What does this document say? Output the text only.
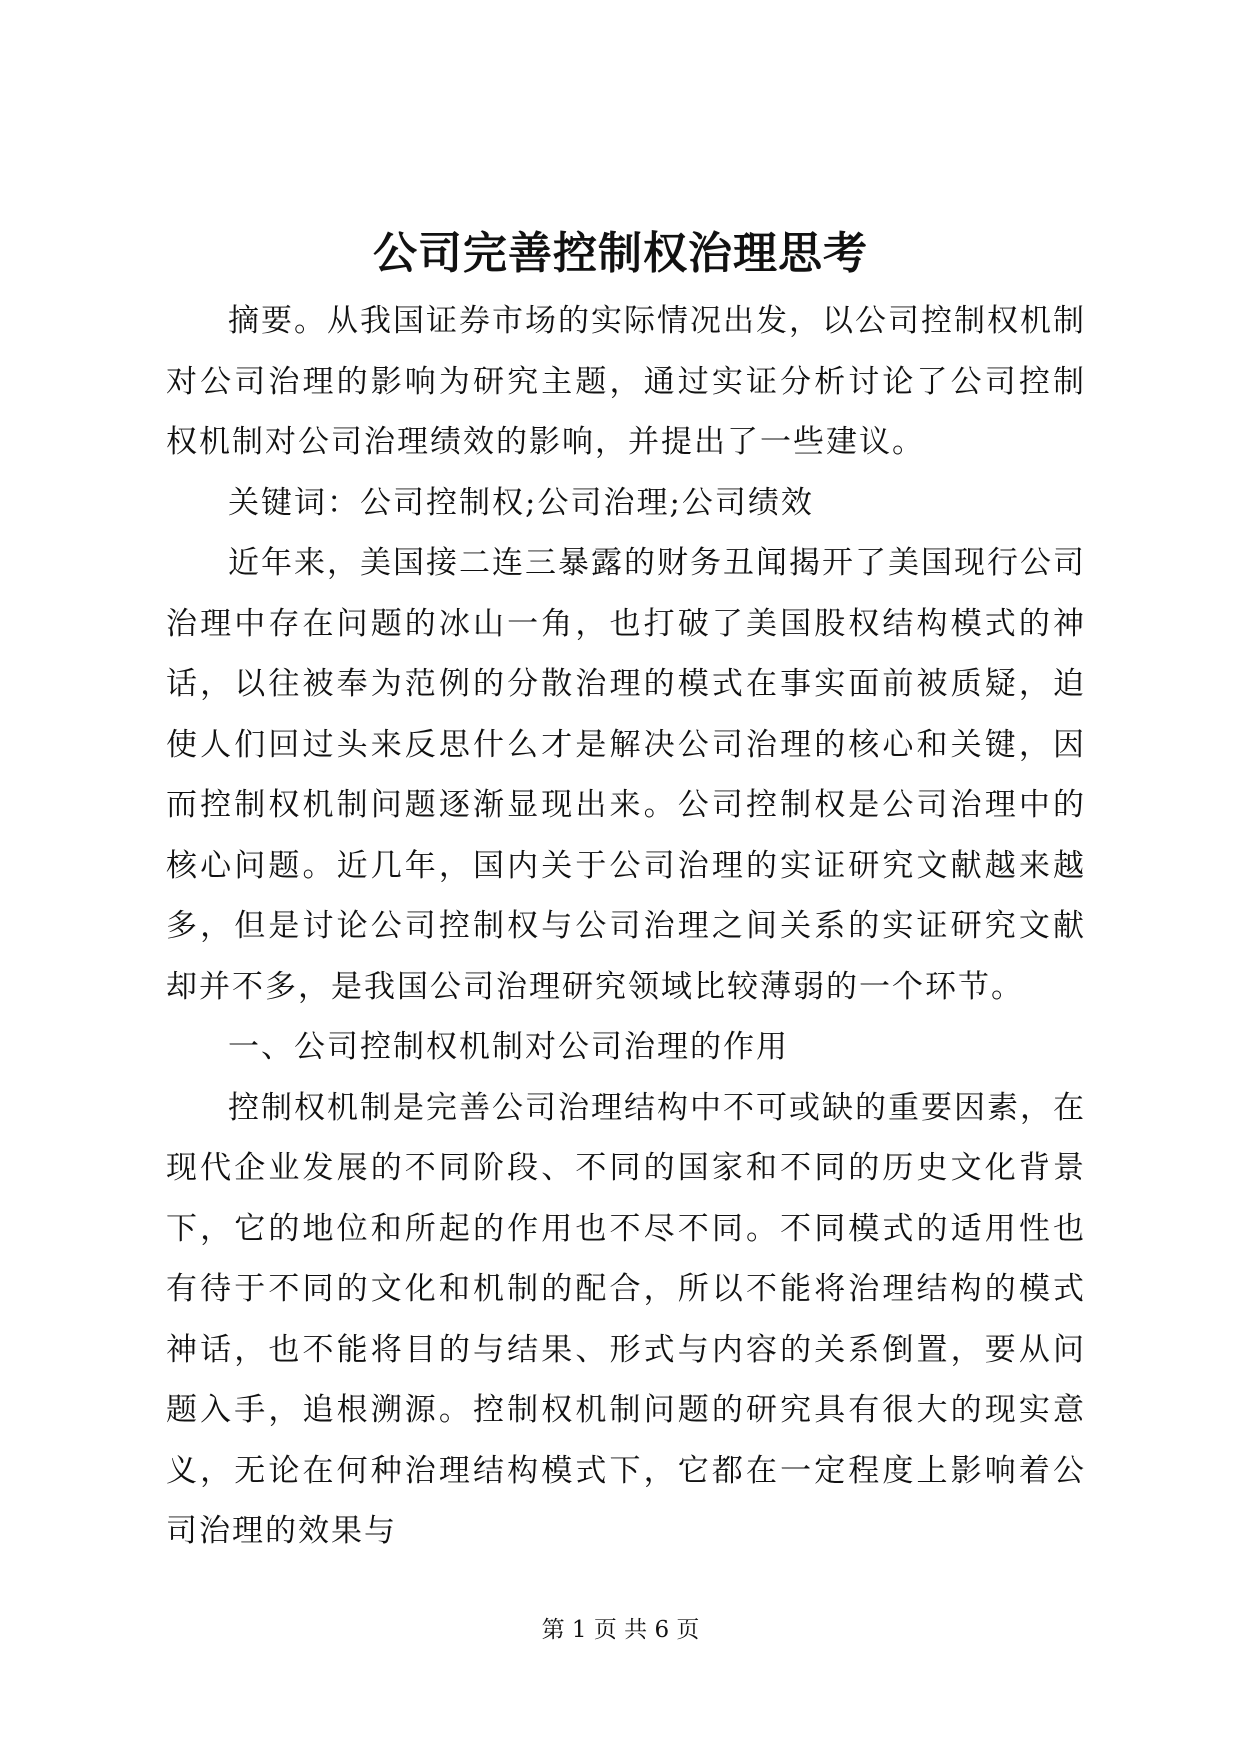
公司完善控制权治理思考

摘要。从我国证券市场的实际情况出发，以公司控制权机制对公司治理的影响为研究主题，通过实证分析讨论了公司控制权机制对公司治理绩效的影响，并提出了一些建议。

关键词：公司控制权;公司治理;公司绩效

近年来，美国接二连三暴露的财务丑闻揭开了美国现行公司治理中存在问题的冰山一角，也打破了美国股权结构模式的神话，以往被奉为范例的分散治理的模式在事实面前被质疑，迫使人们回过头来反思什么才是解决公司治理的核心和关键，因而控制权机制问题逐渐显现出来。公司控制权是公司治理中的核心问题。近几年，国内关于公司治理的实证研究文献越来越多，但是讨论公司控制权与公司治理之间关系的实证研究文献却并不多，是我国公司治理研究领域比较薄弱的一个环节。

一、公司控制权机制对公司治理的作用

控制权机制是完善公司治理结构中不可或缺的重要因素，在现代企业发展的不同阶段、不同的国家和不同的历史文化背景下，它的地位和所起的作用也不尽不同。不同模式的适用性也有待于不同的文化和机制的配合，所以不能将治理结构的模式神话，也不能将目的与结果、形式与内容的关系倒置，要从问题入手，追根溯源。控制权机制问题的研究具有很大的现实意义，无论在何种治理结构模式下，它都在一定程度上影响着公司治理的效果与

第 1 页 共 6 页
